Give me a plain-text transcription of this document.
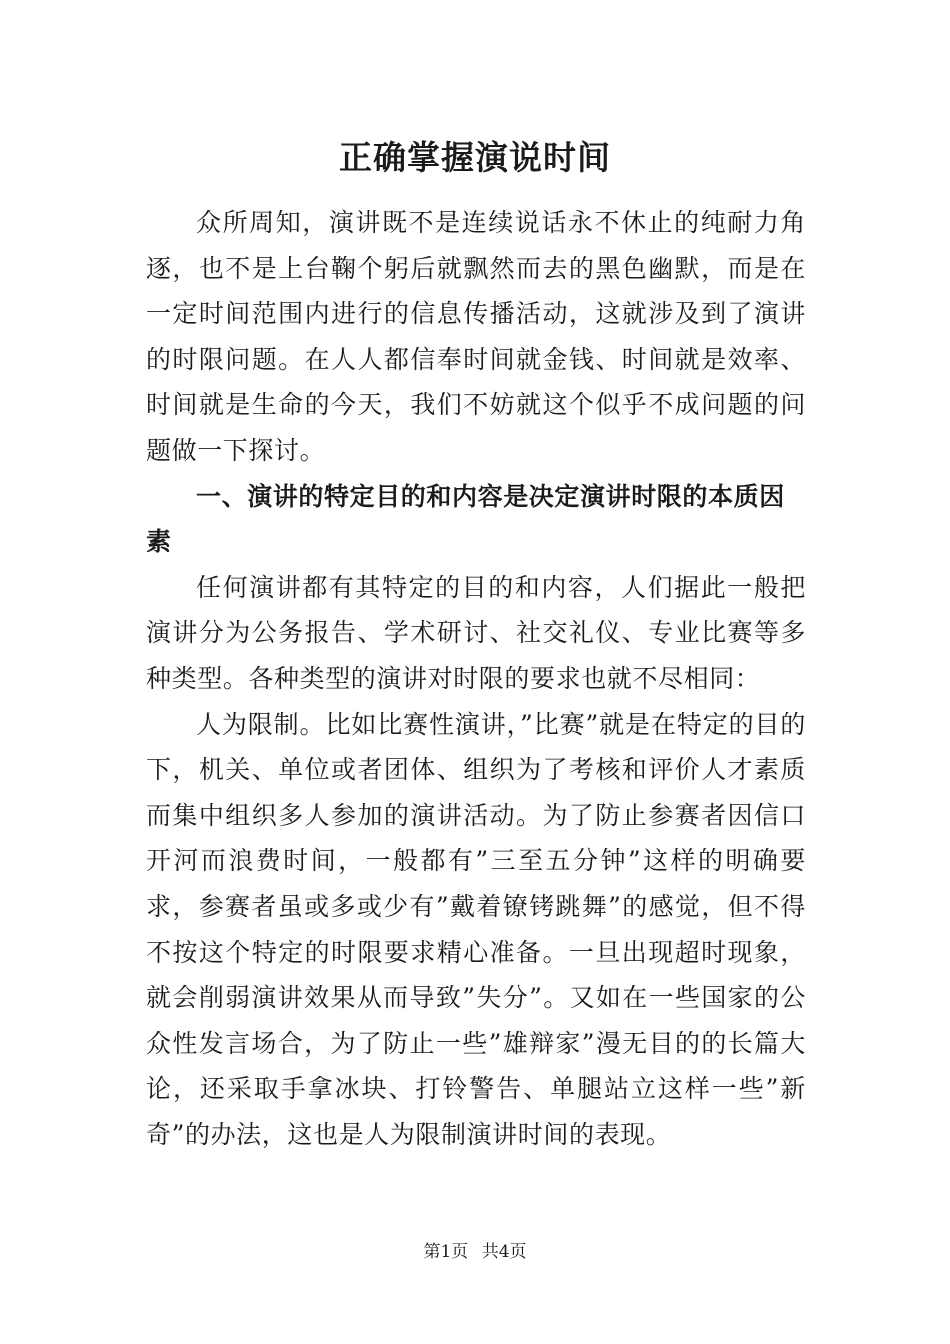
正确掌握演说时间

众所周知，演讲既不是连续说话永不休止的纯耐力角逐，也不是上台鞠个躬后就飘然而去的黑色幽默，而是在一定时间范围内进行的信息传播活动，这就涉及到了演讲的时限问题。在人人都信奉时间就金钱、时间就是效率、时间就是生命的今天，我们不妨就这个似乎不成问题的问题做一下探讨。

一、演讲的特定目的和内容是决定演讲时限的本质因素

任何演讲都有其特定的目的和内容，人们据此一般把演讲分为公务报告、学术研讨、社交礼仪、专业比赛等多种类型。各种类型的演讲对时限的要求也就不尽相同：

人为限制。比如比赛性演讲，”比赛”就是在特定的目的下，机关、单位或者团体、组织为了考核和评价人才素质而集中组织多人参加的演讲活动。为了防止参赛者因信口开河而浪费时间，一般都有”三至五分钟”这样的明确要求，参赛者虽或多或少有”戴着镣铐跳舞”的感觉，但不得不按这个特定的时限要求精心准备。一旦出现超时现象，就会削弱演讲效果从而导致”失分”。又如在一些国家的公众性发言场合，为了防止一些”雄辩家”漫无目的的长篇大论，还采取手拿冰块、打铃警告、单腿站立这样一些”新奇”的办法，这也是人为限制演讲时间的表现。

第1页 共4页
